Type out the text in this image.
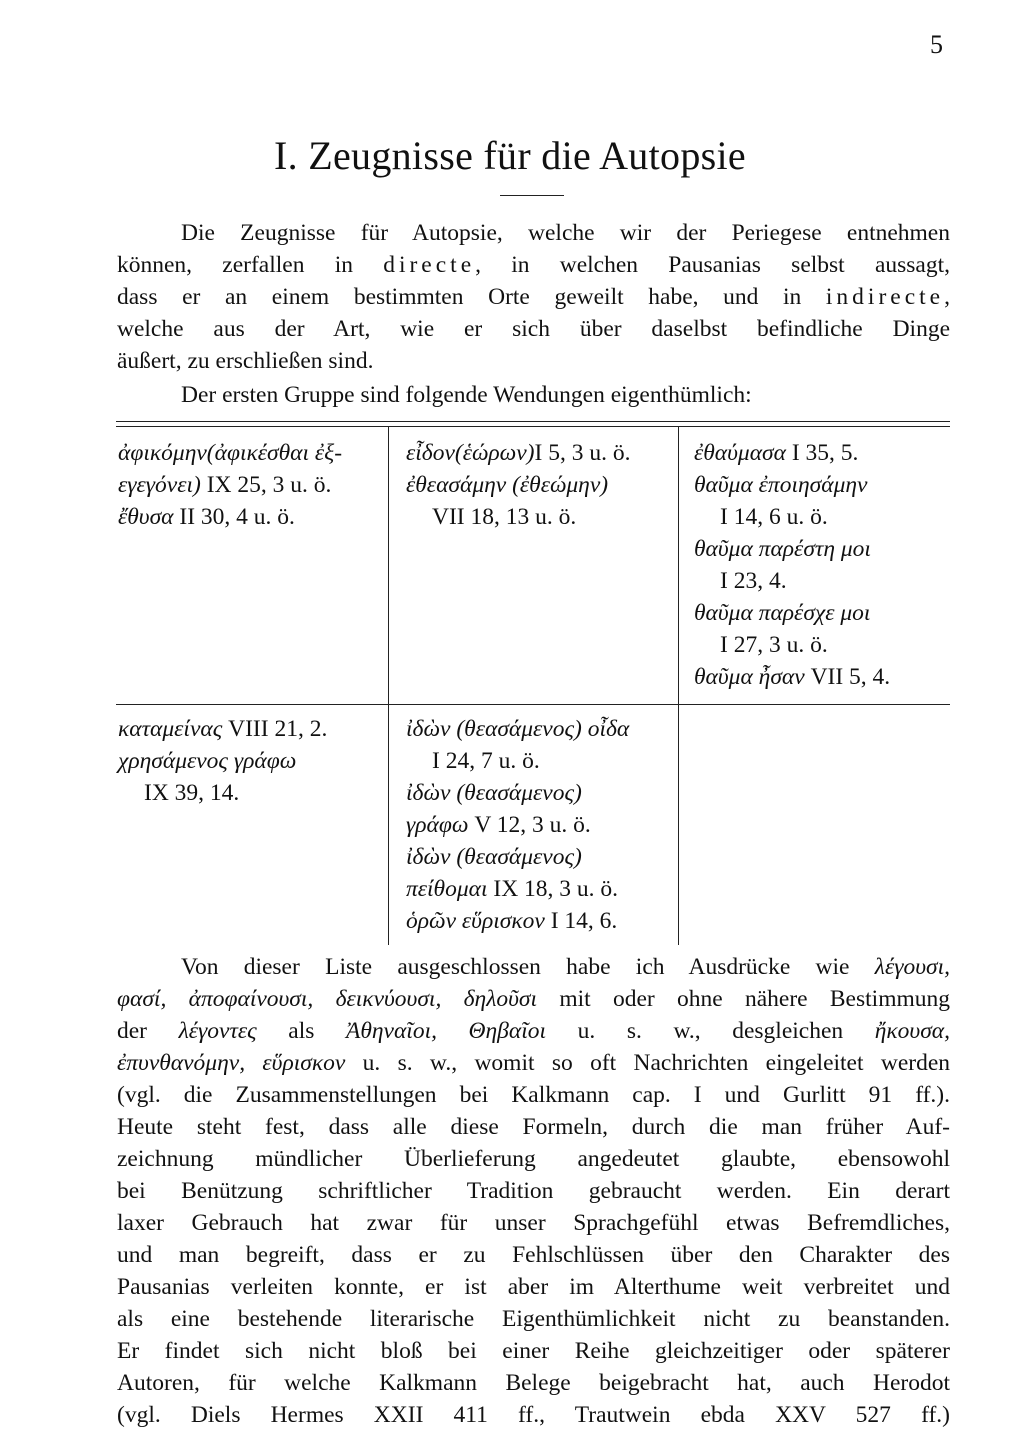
5
I. Zeugnisse für die Autopsie

Die Zeugnisse für Autopsie, welche wir der Periegese entnehmen

können, zerfallen in directe, in welchen Pausanias selbst aussagt,

dass er an einem bestimmten Orte geweilt habe, und in indirecte,

welche aus der Art, wie er sich über daselbst befindliche Dinge

äußert, zu erschließen sind.

Der ersten Gruppe sind folgende Wendungen eigenthümlich:

ἀφικόμην(ἀφικέσθαι ἐξ-
εγεγόνει) IX 25, 3 u. ö.
ἔθυσα II 30, 4 u. ö.
εἶδον(ἑώρων)I 5, 3 u. ö.
ἐθεασάμην (ἐθεώμην)
VII 18, 13 u. ö.
ἐθαύμασα I 35, 5.
θαῦμα ἐποιησάμην
I 14, 6 u. ö.
θαῦμα παρέστη μοι
I 23, 4.
θαῦμα παρέσχε μοι
I 27, 3 u. ö.
θαῦμα ἦσαν VII 5, 4.
καταμείνας VIII 21, 2.
χρησάμενος γράφω
IX 39, 14.
ἰδὼν (θεασάμενος) οἶδα
I 24, 7 u. ö.
ἰδὼν (θεασάμενος)
γράφω V 12, 3 u. ö.
ἰδὼν (θεασάμενος)
πείθομαι IX 18, 3 u. ö.
ὁρῶν εὕρισκον I 14, 6.

Von dieser Liste ausgeschlossen habe ich Ausdrücke wie λέγουσι,

φασί, ἀποφαίνουσι, δεικνύουσι, δηλοῦσι mit oder ohne nähere Bestimmung

der λέγοντες als Ἀθηναῖοι, Θηβαῖοι u. s. w., desgleichen ἤκουσα,

ἐπυνθανόμην, εὕρισκον u. s. w., womit so oft Nachrichten eingeleitet werden

(vgl. die Zusammenstellungen bei Kalkmann cap. I und Gurlitt 91 ff.).

Heute steht fest, dass alle diese Formeln, durch die man früher Auf-

zeichnung mündlicher Überlieferung angedeutet glaubte, ebensowohl

bei Benützung schriftlicher Tradition gebraucht werden. Ein derart

laxer Gebrauch hat zwar für unser Sprachgefühl etwas Befremdliches,

und man begreift, dass er zu Fehlschlüssen über den Charakter des

Pausanias verleiten konnte, er ist aber im Alterthume weit verbreitet und

als eine bestehende literarische Eigenthümlichkeit nicht zu beanstanden.

Er findet sich nicht bloß bei einer Reihe gleichzeitiger oder späterer

Autoren, für welche Kalkmann Belege beigebracht hat, auch Herodot

(vgl. Diels Hermes XXII 411 ff., Trautwein ebda XXV 527 ff.)
